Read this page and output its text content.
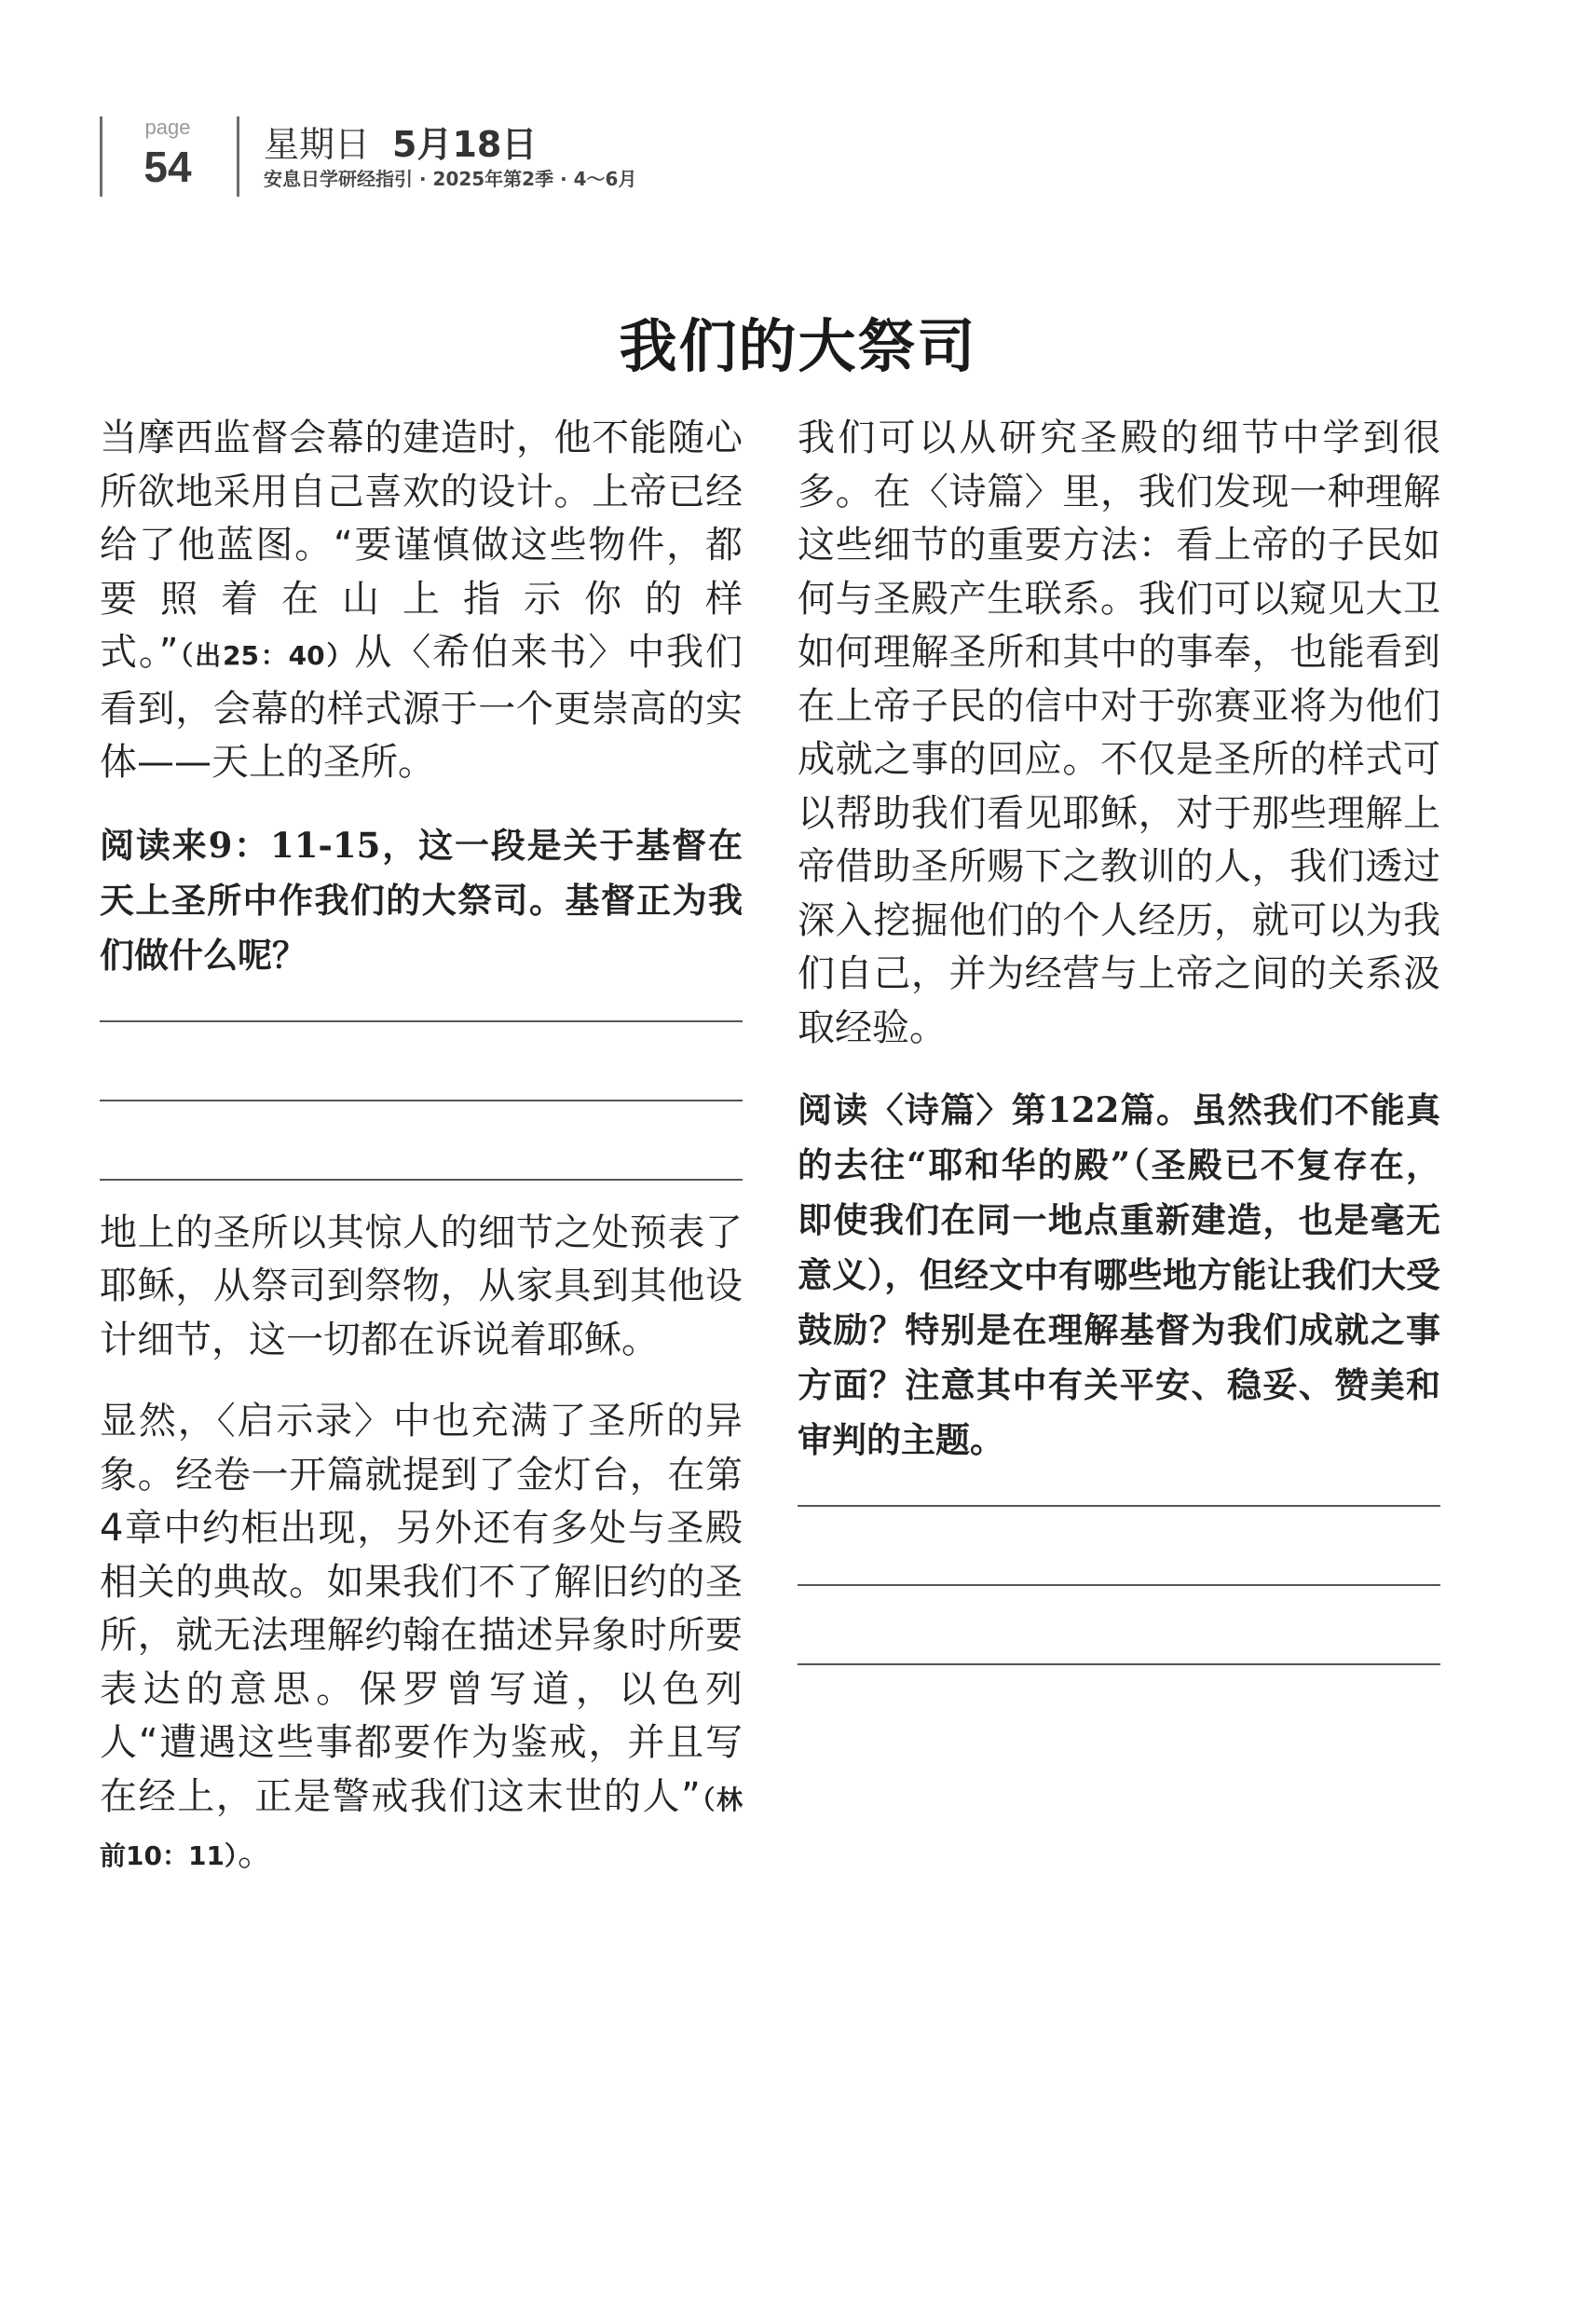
page
54	星期日 5月18日
安息日学研经指引 · 2025年第2季 · 4～6月
我们的大祭司

当摩西监督会幕的建造时，他不能随心所欲地采用自己喜欢的设计。上帝已经给了他蓝图。“要谨慎做这些物件，都要照着在山上指示你的样式。”（出25：40）从〈希伯来书〉中我们看到，会幕的样式源于一个更崇高的实体——天上的圣所。

阅读来9：11-15，这一段是关于基督在天上圣所中作我们的大祭司。基督正为我们做什么呢？

地上的圣所以其惊人的细节之处预表了耶稣，从祭司到祭物，从家具到其他设计细节，这一切都在诉说着耶稣。

显然，〈启示录〉中也充满了圣所的异象。经卷一开篇就提到了金灯台，在第4章中约柜出现，另外还有多处与圣殿相关的典故。如果我们不了解旧约的圣所，就无法理解约翰在描述异象时所要表达的意思。保罗曾写道，以色列人“遭遇这些事都要作为鉴戒，并且写在经上，正是警戒我们这末世的人”（林前10：11）。

我们可以从研究圣殿的细节中学到很多。在〈诗篇〉里，我们发现一种理解这些细节的重要方法：看上帝的子民如何与圣殿产生联系。我们可以窥见大卫如何理解圣所和其中的事奉，也能看到在上帝子民的信中对于弥赛亚将为他们成就之事的回应。不仅是圣所的样式可以帮助我们看见耶稣，对于那些理解上帝借助圣所赐下之教训的人，我们透过深入挖掘他们的个人经历，就可以为我们自己，并为经营与上帝之间的关系汲取经验。

阅读〈诗篇〉第122篇。虽然我们不能真的去往“耶和华的殿”（圣殿已不复存在，即使我们在同一地点重新建造，也是毫无意义），但经文中有哪些地方能让我们大受鼓励？特别是在理解基督为我们成就之事方面？注意其中有关平安、稳妥、赞美和审判的主题。
